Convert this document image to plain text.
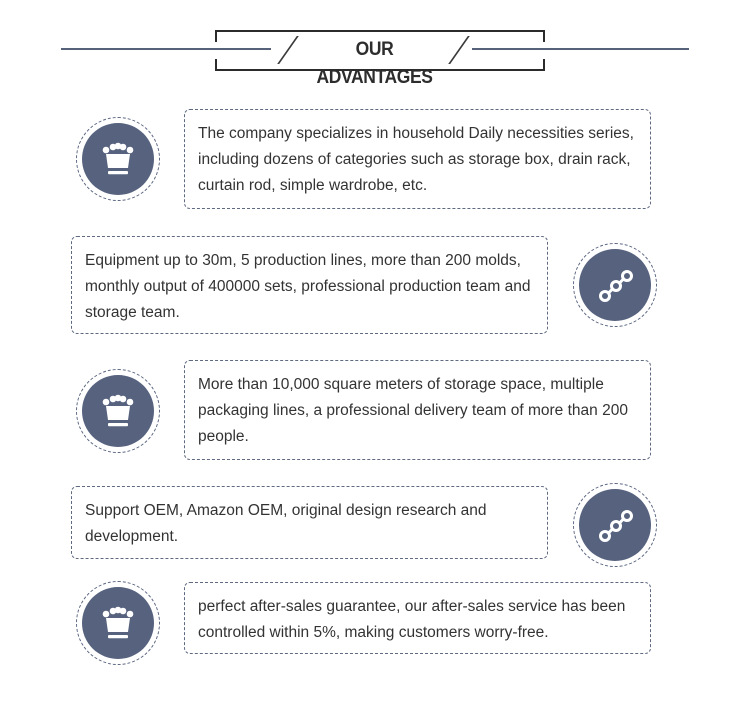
OUR ADVANTAGES
The company specializes in household Daily necessities series, including dozens of categories such as storage box, drain rack, curtain rod, simple wardrobe, etc.
Equipment up to 30m, 5 production lines, more than 200 molds, monthly output of 400000 sets, professional production team and storage team.
More than 10,000 square meters of storage space, multiple packaging lines, a professional delivery team of more than 200 people.
Support OEM, Amazon OEM, original design research and development.
perfect after-sales guarantee, our after-sales service has been controlled within 5%, making customers worry-free.
